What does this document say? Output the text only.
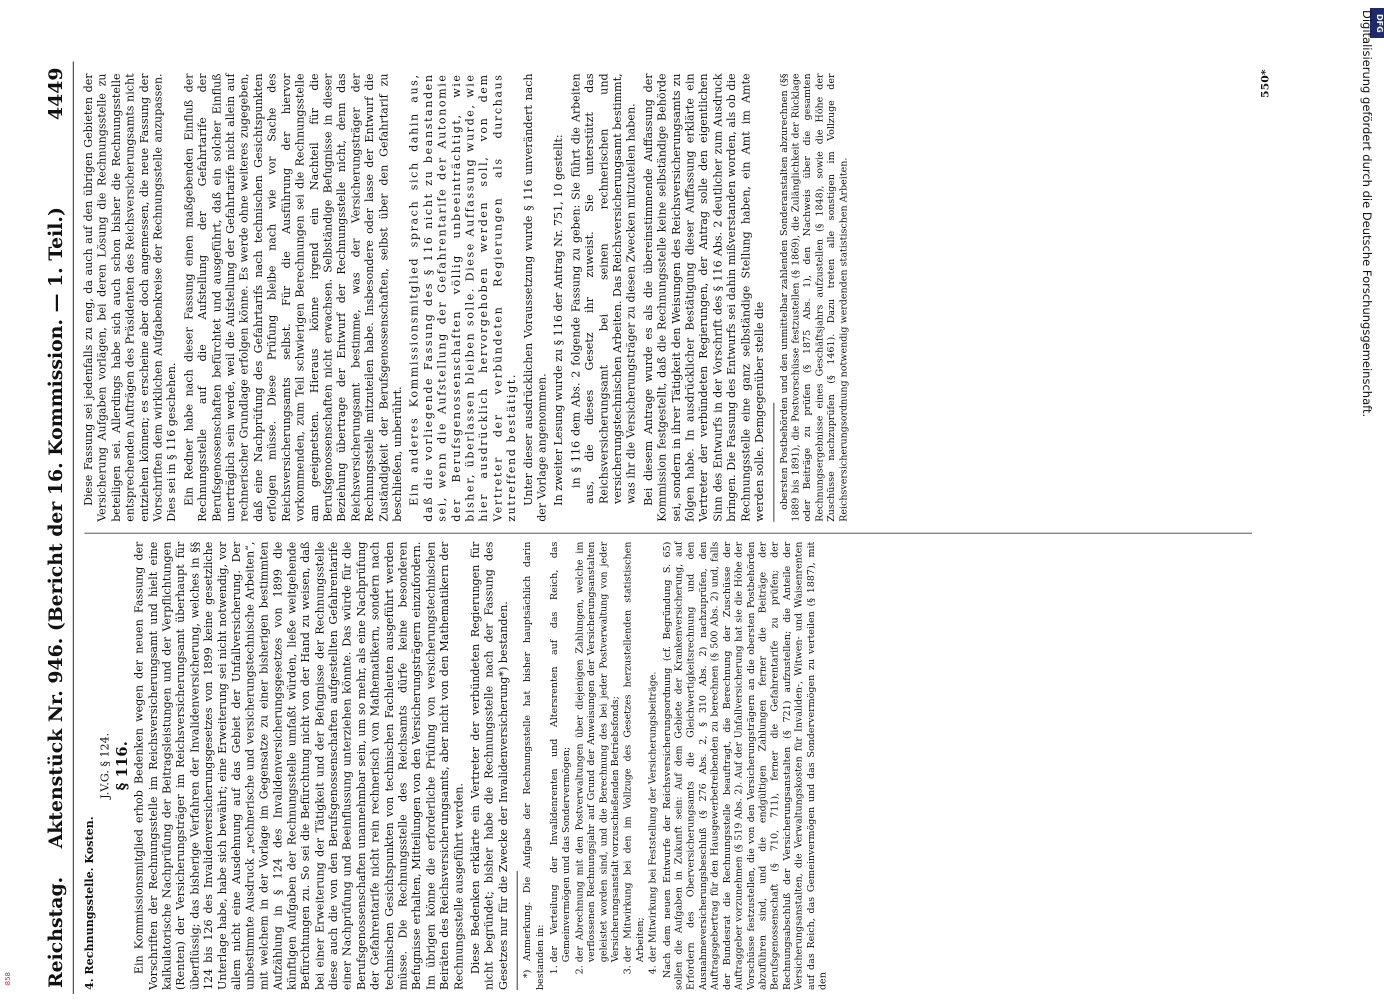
DFG
Digitalisierung gefördert durch die Deutsche Forschungsgemeinschaft.
858 Reichstag.
Aktenstück Nr. 946. (Bericht der 16. Kommission. — 1. Teil.)
4449
4. Rechnungsstelle. Kosten.
J.V.G. § 124. § 116. Ein Kommissionsmitglied erhob Bedenken wegen der neuen Fassung der Vorschriften der Rechnungsstelle im Reichsversicherungsamt und hielt eine kalkulatorische Nachprüfung der Beitragsleistungen und der Verpflichtungen (Renten) der Versicherungsträger im Reichsversicherungsamt überhaupt für überflüssig; das bisherige Verfahren der Invalidenversicherung, welches in §§ 124 bis 126 des Invalidenversicherungsgesetzes von 1899 keine gesetzliche Unterlage habe, habe sich bewährt; eine Erweiterung sei nicht notwendig, vor allem nicht eine Ausdehnung auf das Gebiet der Unfallversicherung. Der unbestimmte Ausdruck „rechnerische und versicherungstechnische Arbeiten“, mit welchem in der Vorlage im Gegensatze zu einer bisherigen bestimmten Aufzählung in § 124 des Invalidenversicherungsgesetzes von 1899 die künftigen Aufgaben der Rechnungsstelle umfaßt würden, ließe weitgehende Befürchtungen zu. So sei die Befürchtung nicht von der Hand zu weisen, daß bei einer Erweiterung der Tätigkeit und der Befugnisse der Rechnungsstelle diese auch die von den Berufsgenossenschaften aufgestellten Gefahrentarife einer Nachprüfung und Beeinflussung unterziehen könnte. Das würde für die Berufsgenossenschaften unannehmbar sein, um so mehr, als eine Nachprüfung der Gefahrentarife nicht rein rechnerisch von Mathematikern, sondern nach technischen Gesichtspunkten von technischen Fachleuten ausgeführt werden müsse. Die Rechnungsstelle des Reichsamts dürfe keine besonderen Befugnisse erhalten, Mitteilungen von den Versicherungsträgern einzufordern. Im übrigen könne die erforderliche Prüfung von versicherungstechnischen Beiräten des Reichsversicherungsamts, aber nicht von den Mathematikern der Rechnungsstelle ausgeführt werden. Diese Bedenken erklärte ein Vertreter der verbündeten Regierungen für nicht begründet; bisher habe die Rechnungsstelle nach der Fassung des Gesetzes nur für die Zwecke der Invalidenversicherung*) bestanden. *) Anmerkung. Die Aufgabe der Rechnungsstelle hat bisher hauptsächlich darin bestanden in: 1. der Verteilung der Invalidenrenten und Altersrenten auf das Reich, das Gemeinvermögen und das Sondervermögen; 2. der Abrechnung mit den Postverwaltungen über diejenigen Zahlungen, welche im verflossenen Rechnungsjahr auf Grund der Anweisungen der Versicherungsanstalten geleistet worden sind, und die Berechnung des bei jeder Postverwaltung von jeder Versicherungsanstalt vorzuschießenden Betriebsfonds; 3. der Mitwirkung bei den im Vollzuge des Gesetzes herzustellenden statistischen Arbeiten; 4. der Mitwirkung bei Feststellung der Versicherungsbeiträge. Nach dem neuen Entwurfe der Reichsversicherungsordnung (cf. Begründung S. 65) sollen die Aufgaben in Zukunft sein: Auf dem Gebiete der Krankenversicherung, auf Erfordern des Oberversicherungsamts die Gleichwertigkeitsrechnung und den Ausnahmeversicherungsbeschluß (§ 276 Abs. 2, § 310 Abs. 2) nachzuprüfen, den Auftragsgebertrag für den Hausgewerbetreibenden zu berechnen (§ 500 Abs. 2) und, falls der Bundesrat die Rechnungsstelle beauftragt, die Berechnung der Zuschüsse der Auftraggeber vorzunehmen (§ 519 Abs. 2). Auf der Unfallversicherung hat sie die Höhe der Vorschüsse festzustellen, die von den Versicherungsträgern an die obersten Postbehörden abzuführen sind, und die endgültigen Zahlungen ferner die Beiträge der Berufsgenossenschaft (§ 710, 711), ferner die Gefahrentarife zu prüfen; der Rechnungsabschluß der Versicherungsanstalten (§ 721) aufzustellen; die Anteile der Versicherungsanstalten, die Verwaltungskosten für Invaliden-, Witwen- und Waisenrenten auf das Reich, das Gemeinvermögen und das Sondervermögen zu verteilen (§ 1887), mit den

Diese Fassung sei jedenfalls zu eng, da auch auf den übrigen Gebieten der Versicherung Aufgaben vorlägen, bei deren Lösung die Rechnungsstelle zu beteiligen sei. Allerdings habe sich auch schon bisher die Rechnungsstelle entsprechenden Aufträgen des Präsidenten des Reichsversicherungsamts nicht entziehen können; es erscheine aber doch angemessen, die neue Fassung der Vorschriften dem wirklichen Aufgabenkreise der Rechnungsstelle anzupassen. Dies sei in § 116 geschehen. Ein Redner habe nach dieser Fassung einen maßgebenden Einfluß der Rechnungsstelle auf die Aufstellung der Gefahrtarife der Berufsgenossenschaften befürchtet und ausgeführt, daß ein solcher Einfluß unerträglich sein werde, weil die Aufstellung der Gefahrtarife nicht allein auf rechnerischer Grundlage erfolgen könne. Es werde ohne weiteres zugegeben, daß eine Nachprüfung des Gefahrtarifs nach technischen Gesichtspunkten erfolgen müsse. Diese Prüfung bleibe nach wie vor Sache des Reichsversicherungsamts selbst. Für die Ausführung der hiervor vorkommenden, zum Teil schwierigen Berechnungen sei die Rechnungsstelle am geeignetsten. Hieraus könne irgend ein Nachteil für die Berufsgenossenschaften nicht erwachsen. Selbständige Befugnisse in dieser Beziehung übertrage der Entwurf der Rechnungsstelle nicht, denn das Reichsversicherungsamt bestimme, was der Versicherungsträger der Rechnungsstelle mitzuteilen habe. Insbesondere oder lasse der Entwurf die Zuständigkeit der Berufsgenossenschaften, selbst über den Gefahrtarif zu beschließen, unberührt. Ein anderes Kommissionsmitglied sprach sich dahin aus, daß die vorliegende Fassung des § 116 nicht zu beanstanden sei, wenn die Aufstellung der Gefahrentarife der Autonomie der Berufsgenossenschaften völlig unbeeinträchtigt, wie bisher, überlassen bleiben solle. Diese Auffassung wurde, wie hier ausdrücklich hervorgehoben werden soll, von dem Vertreter der verbündeten Regierungen als durchaus zutreffend bestätigt. Unter dieser ausdrücklichen Voraussetzung wurde § 116 unverändert nach der Vorlage angenommen. In zweiter Lesung wurde zu § 116 der Antrag Nr. 751, 10 gestellt: in § 116 dem Abs. 2 folgende Fassung zu geben: Sie führt die Arbeiten aus, die dieses Gesetz ihr zuweist. Sie unterstützt das Reichsversicherungsamt bei seinen rechnerischen und versicherungstechnischen Arbeiten. Das Reichsversicherungsamt bestimmt, was ihr die Versicherungsträger zu diesen Zwecken mitzuteilen haben. Bei diesem Antrage wurde es als die übereinstimmende Auffassung der Kommission festgestellt, daß die Rechnungsstelle keine selbständige Behörde sei, sondern in ihrer Tätigkeit den Weisungen des Reichsversicherungsamts zu folgen habe. In ausdrücklicher Bestätigung dieser Auffassung erklärte ein Vertreter der verbündeten Regierungen, der Antrag solle den eigentlichen Sinn des Entwurfs in der Vorschrift des § 116 Abs. 2 deutlicher zum Ausdruck bringen. Die Fassung des Entwurfs sei dahin mißverstanden worden, als ob die Rechnungsstelle eine ganz selbständige Stellung haben, ein Amt im Amte werden solle. Demgegenüber stelle die obersten Postbehörden und den unmittelbar zahlenden Sonderanstalten abzurechnen (§§ 1889 bis 1891), die Postvorschüsse festzustellen (§ 1869), die Zulänglichkeit der Rücklage oder Beiträge zu prüfen (§ 1875 Abs. 1), den Nachweis über die gesamten Rechnungsergebnisse eines Geschäftsjahrs aufzustellen (§ 1848), sowie die Höhe der Zuschüsse nachzuprüfen (§ 1461). Dazu treten alle sonstigen im Vollzuge der Reichsversicherungsordnung notwendig werdenden statistischen Arbeiten.

550*
